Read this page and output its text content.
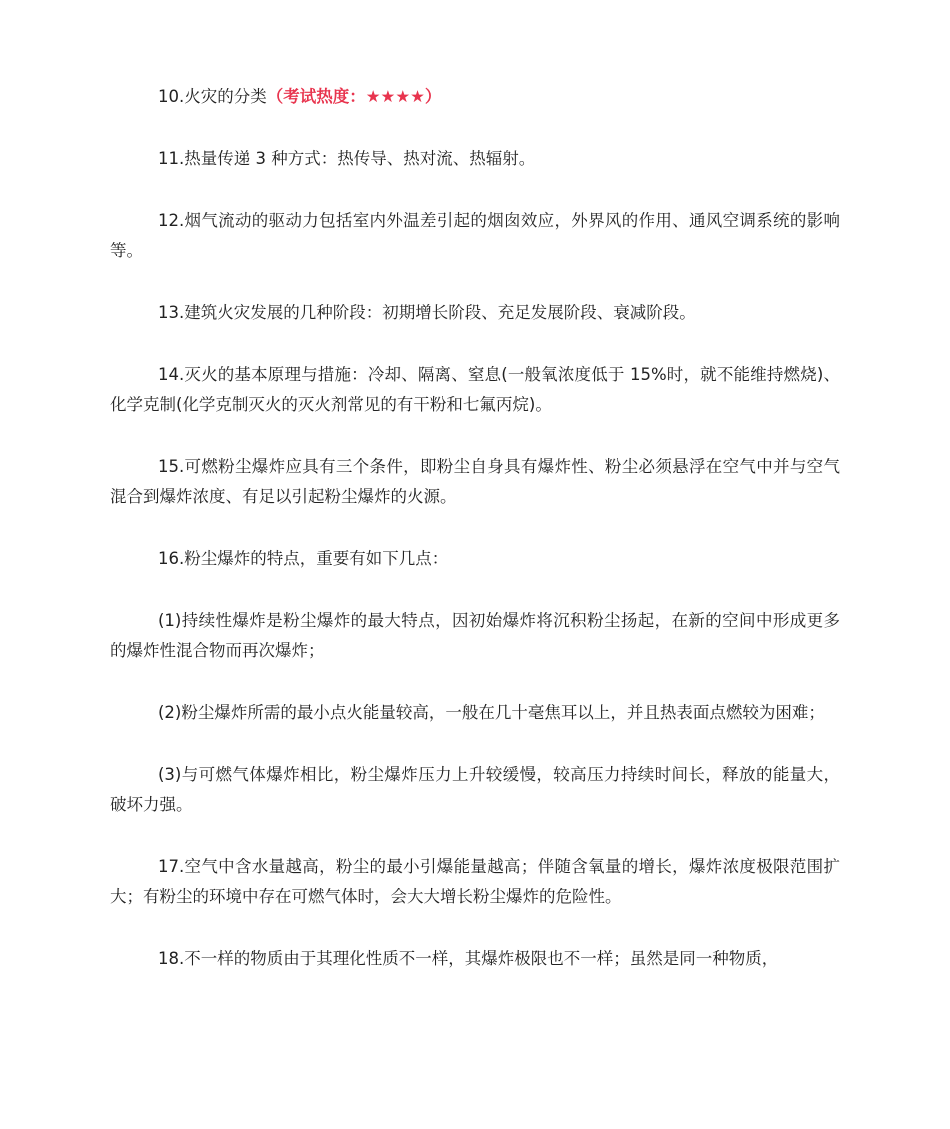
10.火灾的分类（考试热度：★★★★）

11.热量传递 3 种方式：热传导、热对流、热辐射。

12.烟气流动的驱动力包括室内外温差引起的烟囱效应，外界风的作用、通风空调系统的影响等。

13.建筑火灾发展的几种阶段：初期增长阶段、充足发展阶段、衰减阶段。

14.灭火的基本原理与措施：冷却、隔离、窒息(一般氧浓度低于 15%时，就不能维持燃烧)、化学克制(化学克制灭火的灭火剂常见的有干粉和七氟丙烷)。

15.可燃粉尘爆炸应具有三个条件，即粉尘自身具有爆炸性、粉尘必须悬浮在空气中并与空气混合到爆炸浓度、有足以引起粉尘爆炸的火源。

16.粉尘爆炸的特点，重要有如下几点：

(1)持续性爆炸是粉尘爆炸的最大特点，因初始爆炸将沉积粉尘扬起，在新的空间中形成更多的爆炸性混合物而再次爆炸；

(2)粉尘爆炸所需的最小点火能量较高，一般在几十毫焦耳以上，并且热表面点燃较为困难；

(3)与可燃气体爆炸相比，粉尘爆炸压力上升较缓慢，较高压力持续时间长，释放的能量大，破坏力强。

17.空气中含水量越高，粉尘的最小引爆能量越高；伴随含氧量的增长，爆炸浓度极限范围扩大；有粉尘的环境中存在可燃气体时，会大大增长粉尘爆炸的危险性。

18.不一样的物质由于其理化性质不一样，其爆炸极限也不一样；虽然是同一种物质，
